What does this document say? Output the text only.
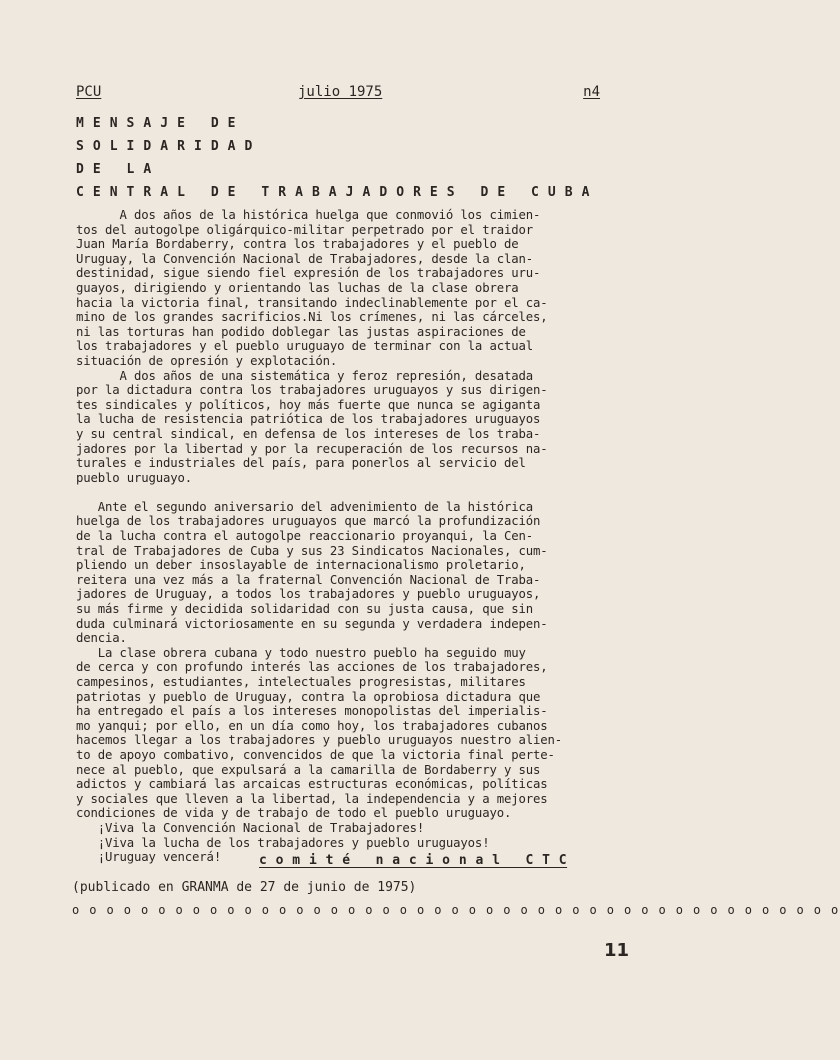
PCU	julio 1975	n4
M E N S A J E   D E
S O L I D A R I D A D
D E   L A
C E N T R A L   D E   T R A B A J A D O R E S   D E   C U B A
A dos años de la histórica huelga que conmovió los cimien-
tos del autogolpe oligárquico-militar perpetrado por el traidor
Juan María Bordaberry, contra los trabajadores y el pueblo de
Uruguay, la Convención Nacional de Trabajadores, desde la clan-
destinidad, sigue siendo fiel expresión de los trabajadores uru-
guayos, dirigiendo y orientando las luchas de la clase obrera
hacia la victoria final, transitando indeclinablemente por el ca-
mino de los grandes sacrificios.Ni los crímenes, ni las cárceles,
ni las torturas han podido doblegar las justas aspiraciones de
los trabajadores y el pueblo uruguayo de terminar con la actual
situación de opresión y explotación.
A dos años de una sistemática y feroz represión, desatada
por la dictadura contra los trabajadores uruguayos y sus dirigen-
tes sindicales y políticos, hoy más fuerte que nunca se agiganta
la lucha de resistencia patriótica de los trabajadores uruguayos
y su central sindical, en defensa de los intereses de los traba-
jadores por la libertad y por la recuperación de los recursos na-
turales e industriales del país, para ponerlos al servicio del
pueblo uruguayo.
Ante el segundo aniversario del advenimiento de la histórica
huelga de los trabajadores uruguayos que marcó la profundización
de la lucha contra el autogolpe reaccionario proyanqui, la Cen-
tral de Trabajadores de Cuba y sus 23 Sindicatos Nacionales, cum-
pliendo un deber insoslayable de internacionalismo proletario,
reitera una vez más a la fraternal Convención Nacional de Traba-
jadores de Uruguay, a todos los trabajadores y pueblo uruguayos,
su más firme y decidida solidaridad con su justa causa, que sin
duda culminará victoriosamente en su segunda y verdadera indepen-
dencia.
La clase obrera cubana y todo nuestro pueblo ha seguido muy
de cerca y con profundo interés las acciones de los trabajadores,
campesinos, estudiantes, intelectuales progresistas, militares
patriotas y pueblo de Uruguay, contra la oprobiosa dictadura que
ha entregado el país a los intereses monopolistas del imperialis-
mo yanqui; por ello, en un día como hoy, los trabajadores cubanos
hacemos llegar a los trabajadores y pueblo uruguayos nuestro alien-
to de apoyo combativo, convencidos de que la victoria final perte-
nece al pueblo, que expulsará a la camarilla de Bordaberry y sus
adictos y cambiará las arcaicas estructuras económicas, políticas
y sociales que lleven a la libertad, la independencia y a mejores
condiciones de vida y de trabajo de todo el pueblo uruguayo.
¡Viva la Convención Nacional de Trabajadores!
¡Viva la lucha de los trabajadores y pueblo uruguayos!
¡Uruguay vencerá!	c o m i t é   n a c i o n a l   C T C
(publicado en GRANMA de 27 de junio de 1975)
o o o o o o o o o o o o o o o o o o o o o o o o o o o o o o o o o o o o o o o o o o o o o
11
